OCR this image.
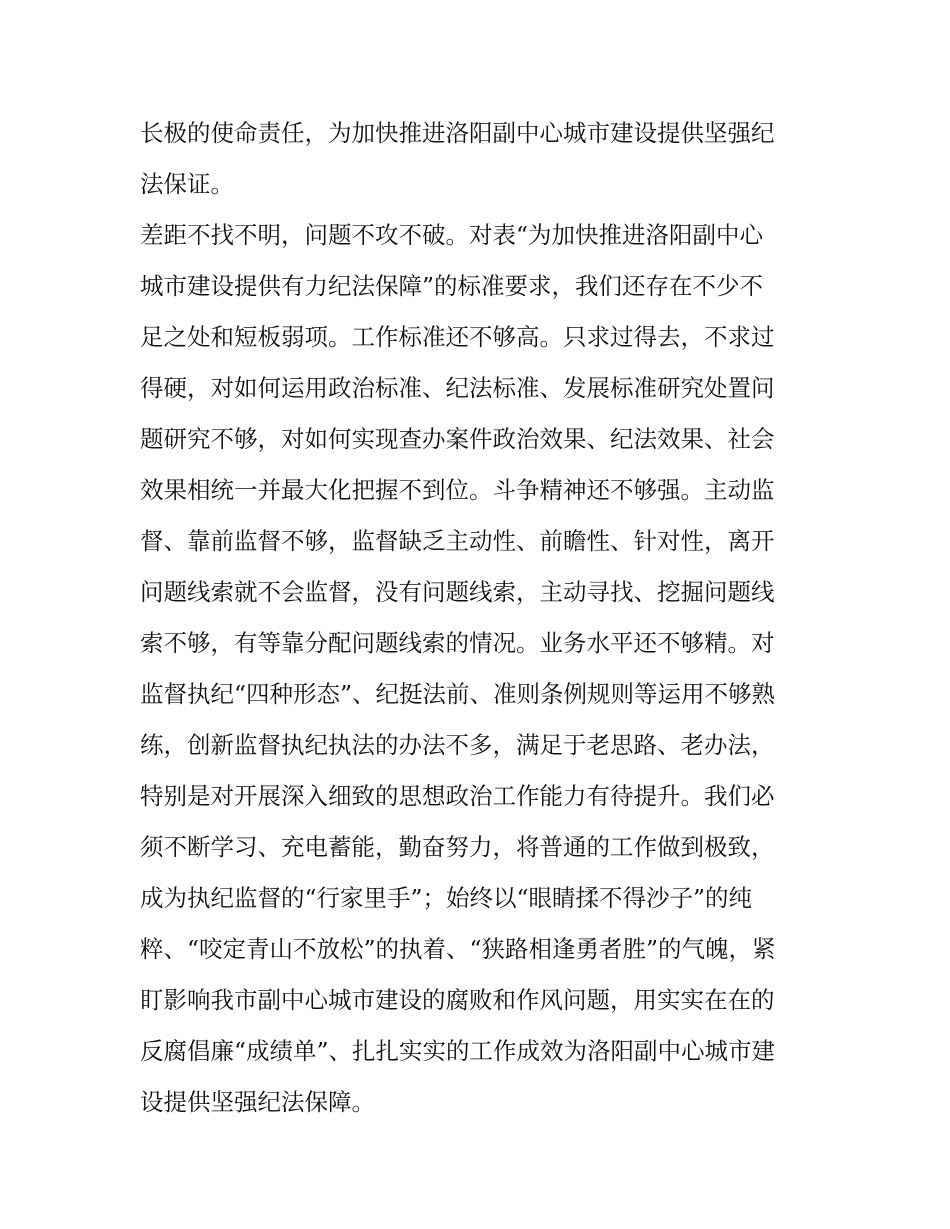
长极的使命责任，为加快推进洛阳副中心城市建设提供坚强纪

法保证。

差距不找不明，问题不攻不破。对表“为加快推进洛阳副中心

城市建设提供有力纪法保障”的标准要求，我们还存在不少不

足之处和短板弱项。工作标准还不够高。只求过得去，不求过

得硬，对如何运用政治标准、纪法标准、发展标准研究处置问

题研究不够，对如何实现查办案件政治效果、纪法效果、社会

效果相统一并最大化把握不到位。斗争精神还不够强。主动监

督、靠前监督不够，监督缺乏主动性、前瞻性、针对性，离开

问题线索就不会监督，没有问题线索，主动寻找、挖掘问题线

索不够，有等靠分配问题线索的情况。业务水平还不够精。对

监督执纪“四种形态”、纪挺法前、准则条例规则等运用不够熟

练，创新监督执纪执法的办法不多，满足于老思路、老办法，

特别是对开展深入细致的思想政治工作能力有待提升。我们必

须不断学习、充电蓄能，勤奋努力，将普通的工作做到极致，

成为执纪监督的“行家里手”；始终以“眼睛揉不得沙子”的纯

粹、“咬定青山不放松”的执着、“狭路相逢勇者胜”的气魄，紧

盯影响我市副中心城市建设的腐败和作风问题，用实实在在的

反腐倡廉“成绩单”、扎扎实实的工作成效为洛阳副中心城市建

设提供坚强纪法保障。
